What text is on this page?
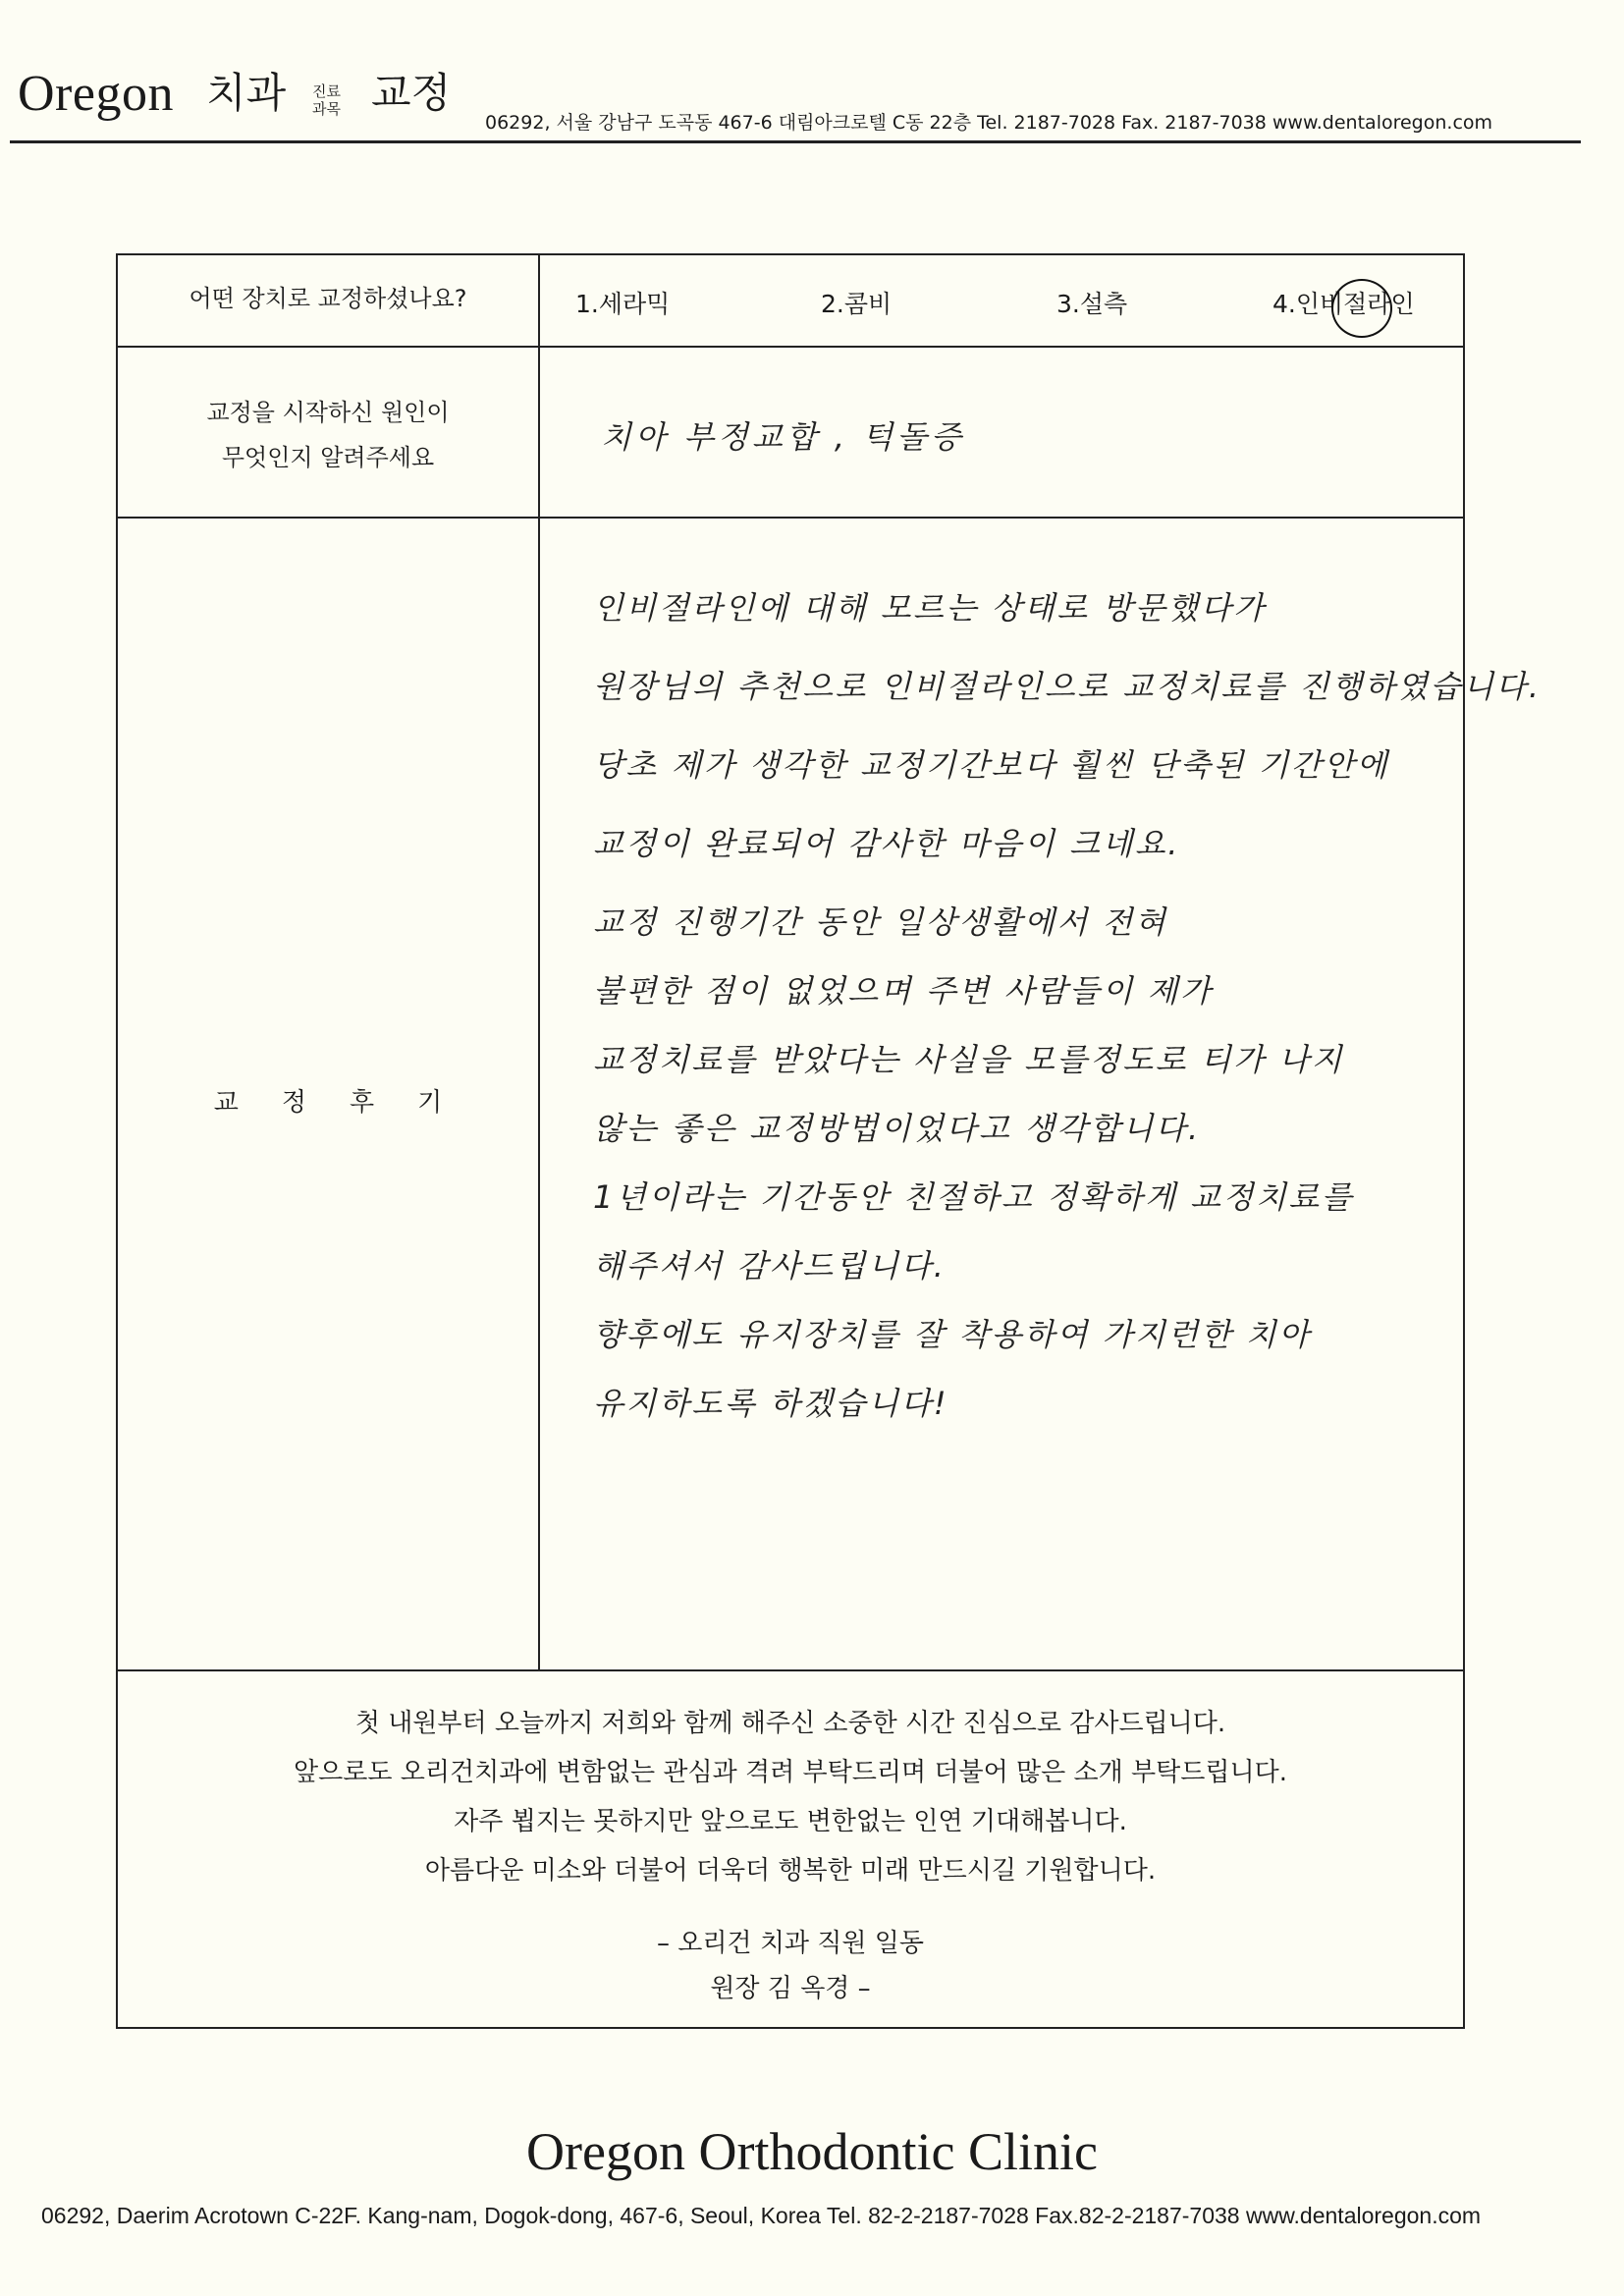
Oregon 치과 진료
과목 교정
06292, 서울 강남구 도곡동 467-6 대림아크로텔 C동 22층 Tel. 2187-7028 Fax. 2187-7038 www.dentaloregon.com
어떤 장치로 교정하셨나요?	1.세라믹	2.콤비	3.설측	4.인비절라인
교정을 시작하신 원인이
무엇인지 알려주세요
치아 부정교합 , 턱돌증
교정후기
인비절라인에 대해 모르는 상태로 방문했다가
원장님의 추천으로 인비절라인으로 교정치료를 진행하였습니다.
당초 제가 생각한 교정기간보다 훨씬 단축된 기간안에
교정이 완료되어 감사한 마음이 크네요.
교정 진행기간 동안 일상생활에서 전혀
불편한 점이 없었으며 주변 사람들이 제가
교정치료를 받았다는 사실을 모를정도로 티가 나지
않는 좋은 교정방법이었다고 생각합니다.
1년이라는 기간동안 친절하고 정확하게 교정치료를
해주셔서 감사드립니다.
향후에도 유지장치를 잘 착용하여 가지런한 치아
유지하도록 하겠습니다!
첫 내원부터 오늘까지 저희와 함께 해주신 소중한 시간 진심으로 감사드립니다.
앞으로도 오리건치과에 변함없는 관심과 격려 부탁드리며 더불어 많은 소개 부탁드립니다.
자주 뵙지는 못하지만 앞으로도 변한없는 인연 기대해봅니다.
아름다운 미소와 더불어 더욱더 행복한 미래 만드시길 기원합니다.
– 오리건 치과 직원 일동
원장 김 옥경 –
Oregon Orthodontic Clinic
06292, Daerim Acrotown C-22F. Kang-nam, Dogok-dong, 467-6, Seoul, Korea Tel. 82-2-2187-7028 Fax.82-2-2187-7038 www.dentaloregon.com
